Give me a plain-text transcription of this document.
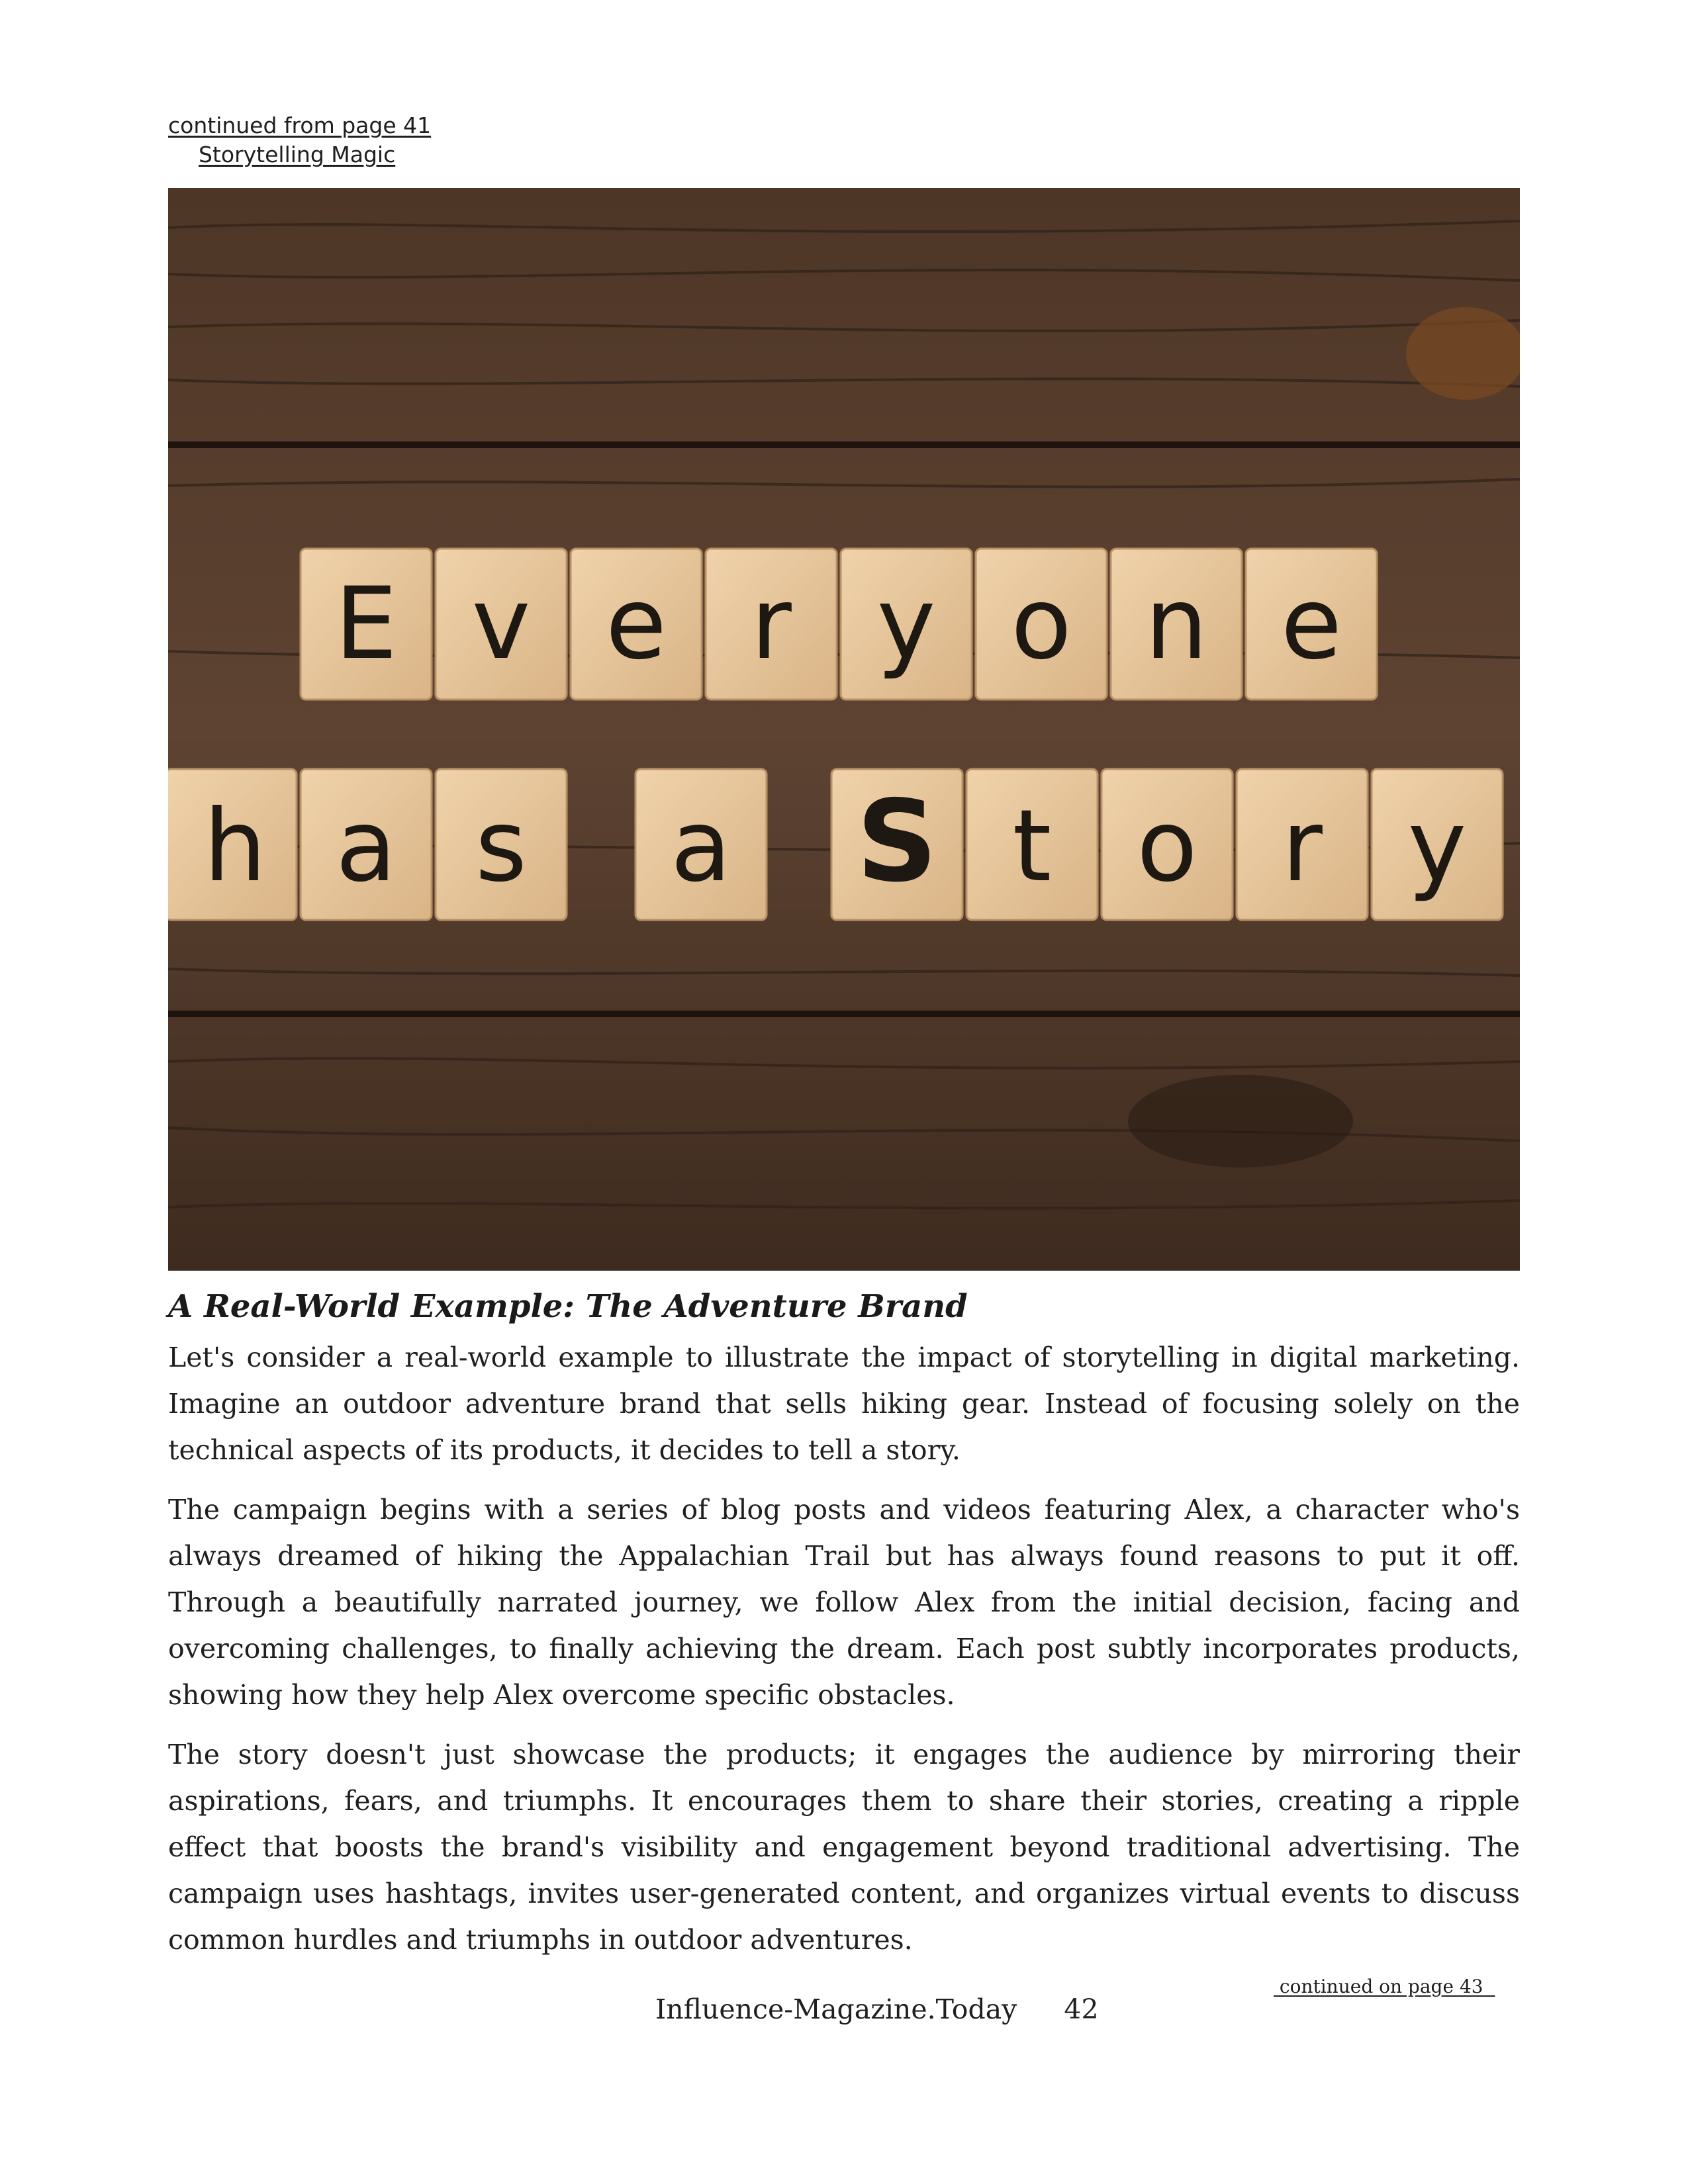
continued from page 41
Storytelling Magic
E v e r y o n e
h a s a S t o r y
A Real-World Example: The Adventure Brand

Let's consider a real-world example to illustrate the impact of storytelling in digital marketing. Imagine an outdoor adventure brand that sells hiking gear. Instead of focusing solely on the technical aspects of its products, it decides to tell a story.

The campaign begins with a series of blog posts and videos featuring Alex, a character who's always dreamed of hiking the Appalachian Trail but has always found reasons to put it off. Through a beautifully narrated journey, we follow Alex from the initial decision, facing and overcoming challenges, to finally achieving the dream. Each post subtly incorporates products, showing how they help Alex overcome specific obstacles.

The story doesn't just showcase the products; it engages the audience by mirroring their aspirations, fears, and triumphs. It encourages them to share their stories, creating a ripple effect that boosts the brand's visibility and engagement beyond traditional advertising. The campaign uses hashtags, invites user-generated content, and organizes virtual events to discuss common hurdles and triumphs in outdoor adventures.

continued on page 43
Influence-Magazine.Today 42
